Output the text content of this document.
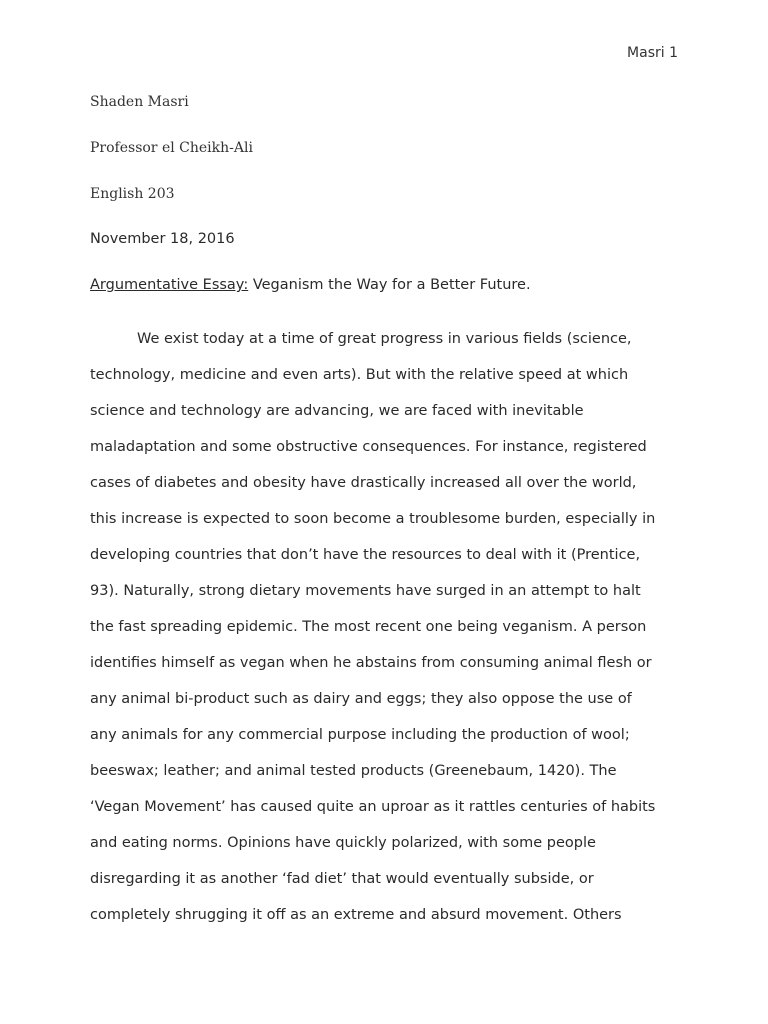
Masri 1
Shaden Masri
Professor el Cheikh-Ali
English 203
November 18, 2016
Argumentative Essay: Veganism the Way for a Better Future.

We exist today at a time of great progress in various fields (science,
technology, medicine and even arts). But with the relative speed at which
science and technology are advancing, we are faced with inevitable
maladaptation and some obstructive consequences. For instance, registered
cases of diabetes and obesity have drastically increased all over the world,
this increase is expected to soon become a troublesome burden, especially in
developing countries that don’t have the resources to deal with it (Prentice,
93). Naturally, strong dietary movements have surged in an attempt to halt
the fast spreading epidemic. The most recent one being veganism. A person
identifies himself as vegan when he abstains from consuming animal flesh or
any animal bi-product such as dairy and eggs; they also oppose the use of
any animals for any commercial purpose including the production of wool;
beeswax; leather; and animal tested products (Greenebaum, 1420). The
‘Vegan Movement’ has caused quite an uproar as it rattles centuries of habits
and eating norms. Opinions have quickly polarized, with some people
disregarding it as another ‘fad diet’ that would eventually subside, or
completely shrugging it off as an extreme and absurd movement. Others
